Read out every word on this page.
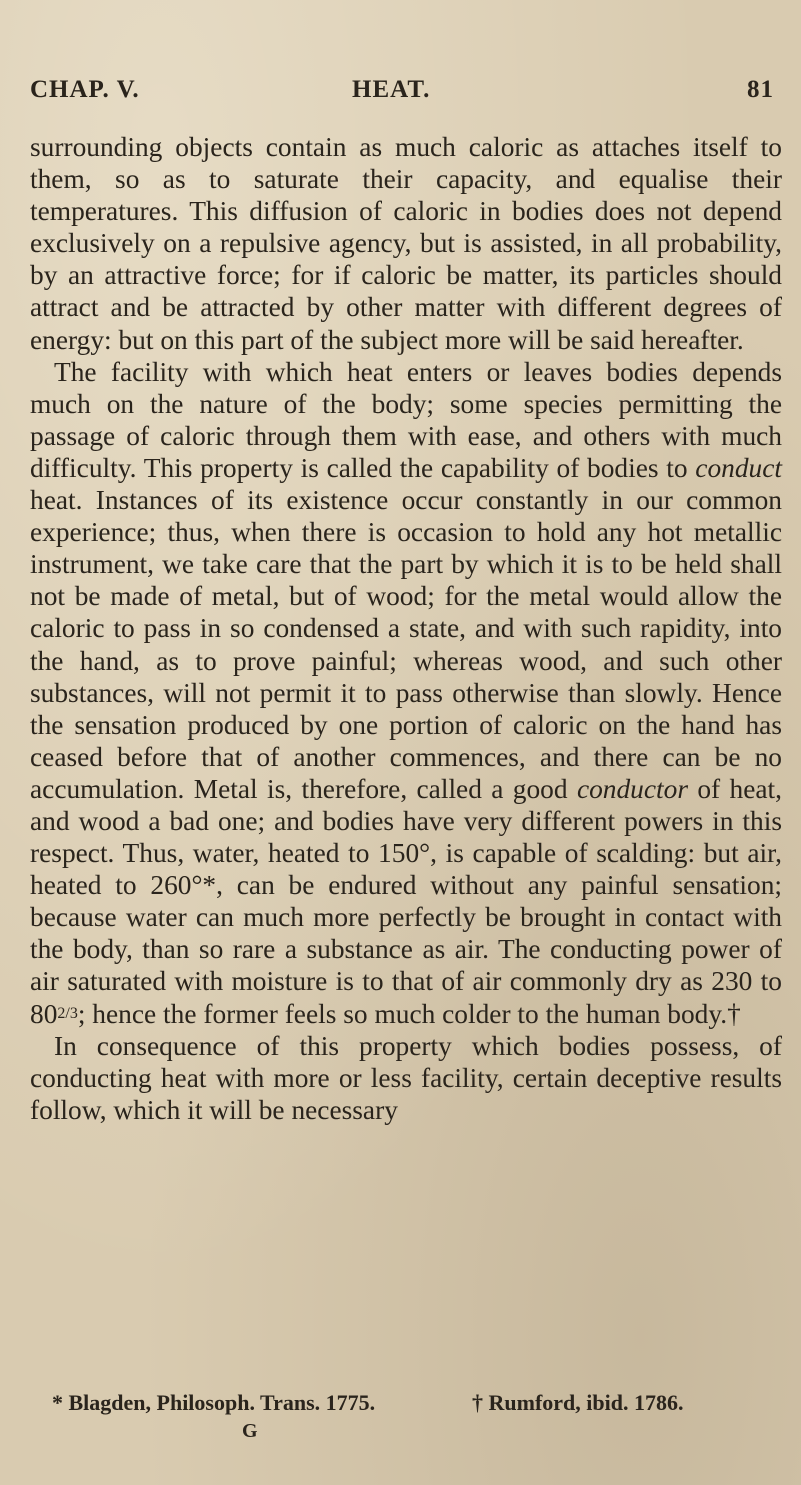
CHAP. V.	HEAT.	81

surrounding objects contain as much caloric as attaches itself to them, so as to saturate their capacity, and equalise their temperatures. This diffusion of caloric in bodies does not depend exclusively on a repulsive agency, but is assisted, in all probability, by an attractive force; for if caloric be matter, its particles should attract and be attracted by other matter with different degrees of energy: but on this part of the subject more will be said hereafter.

The facility with which heat enters or leaves bodies depends much on the nature of the body; some species permitting the passage of caloric through them with ease, and others with much difficulty. This property is called the capability of bodies to conduct heat. Instances of its existence occur constantly in our common experience; thus, when there is occasion to hold any hot metallic instrument, we take care that the part by which it is to be held shall not be made of metal, but of wood; for the metal would allow the caloric to pass in so condensed a state, and with such rapidity, into the hand, as to prove painful; whereas wood, and such other substances, will not permit it to pass otherwise than slowly. Hence the sensation produced by one portion of caloric on the hand has ceased before that of another commences, and there can be no accumulation. Metal is, therefore, called a good conductor of heat, and wood a bad one; and bodies have very different powers in this respect. Thus, water, heated to 150°, is capable of scalding: but air, heated to 260°*, can be endured without any painful sensation; because water can much more perfectly be brought in contact with the body, than so rare a substance as air. The conducting power of air saturated with moisture is to that of air commonly dry as 230 to 802/3; hence the former feels so much colder to the human body.†

In consequence of this property which bodies possess, of conducting heat with more or less facility, certain deceptive results follow, which it will be necessary

* Blagden, Philosoph. Trans. 1775.	† Rumford, ibid. 1786.
G
